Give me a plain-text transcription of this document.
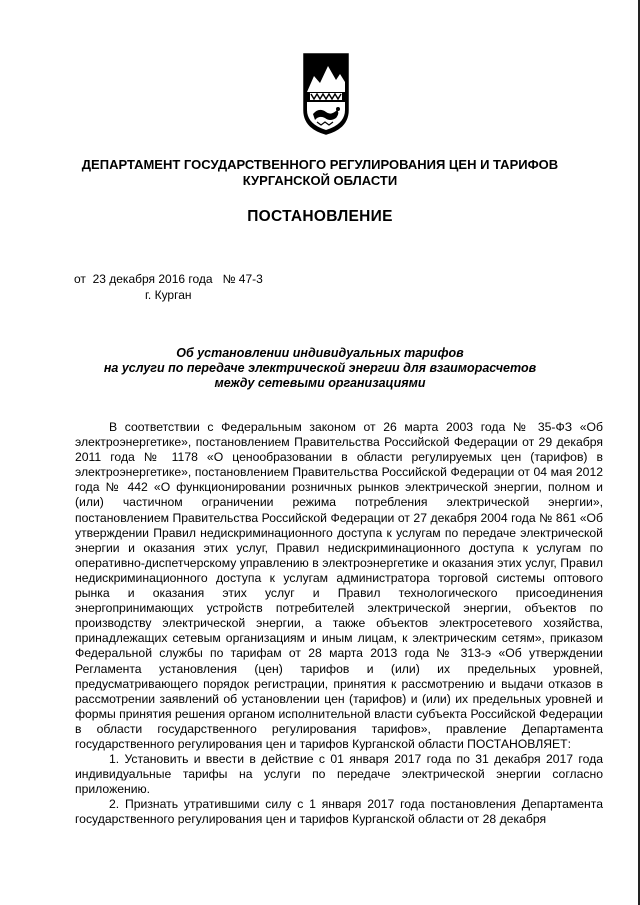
ДЕПАРТАМЕНТ ГОСУДАРСТВЕННОГО РЕГУЛИРОВАНИЯ ЦЕН И ТАРИФОВ
КУРГАНСКОЙ ОБЛАСТИ
ПОСТАНОВЛЕНИЕ
от  23 декабря 2016 года   № 47-3
г. Курган
Об установлении индивидуальных тарифов
на услуги по передаче электрической энергии для взаиморасчетов
между сетевыми организациями

В соответствии с Федеральным законом от 26 марта 2003 года № 35-ФЗ «Об электроэнергетике», постановлением Правительства Российской Федерации от 29 декабря 2011 года № 1178 «О ценообразовании в области регулируемых цен (тарифов) в электроэнергетике», постановлением Правительства Российской Федерации от 04 мая 2012 года № 442 «О функционировании розничных рынков электрической энергии, полном и (или) частичном ограничении режима потребления электрической энергии», постановлением Правительства Российской Федерации от 27 декабря 2004 года № 861 «Об утверждении Правил недискриминационного доступа к услугам по передаче электрической энергии и оказания этих услуг, Правил недискриминационного доступа к услугам по оперативно-диспетчерскому управлению в электроэнергетике и оказания этих услуг, Правил недискриминационного доступа к услугам администратора торговой системы оптового рынка и оказания этих услуг и Правил технологического присоединения энергопринимающих устройств потребителей электрической энергии, объектов по производству электрической энергии, а также объектов электросетевого хозяйства, принадлежащих сетевым организациям и иным лицам, к электрическим сетям», приказом Федеральной службы по тарифам от 28 марта 2013 года № 313-э «Об утверждении Регламента установления (цен) тарифов и (или) их предельных уровней, предусматривающего порядок регистрации, принятия к рассмотрению и выдачи отказов в рассмотрении заявлений об установлении цен (тарифов) и (или) их предельных уровней и формы принятия решения органом исполнительной власти субъекта Российской Федерации в области государственного регулирования тарифов», правление Департамента государственного регулирования цен и тарифов Курганской области ПОСТАНОВЛЯЕТ:

1. Установить и ввести в действие с 01 января 2017 года по 31 декабря 2017 года индивидуальные тарифы на услуги по передаче электрической энергии согласно приложению.

2. Признать утратившими силу с 1 января 2017 года постановления Департамента государственного регулирования цен и тарифов Курганской области от 28 декабря
